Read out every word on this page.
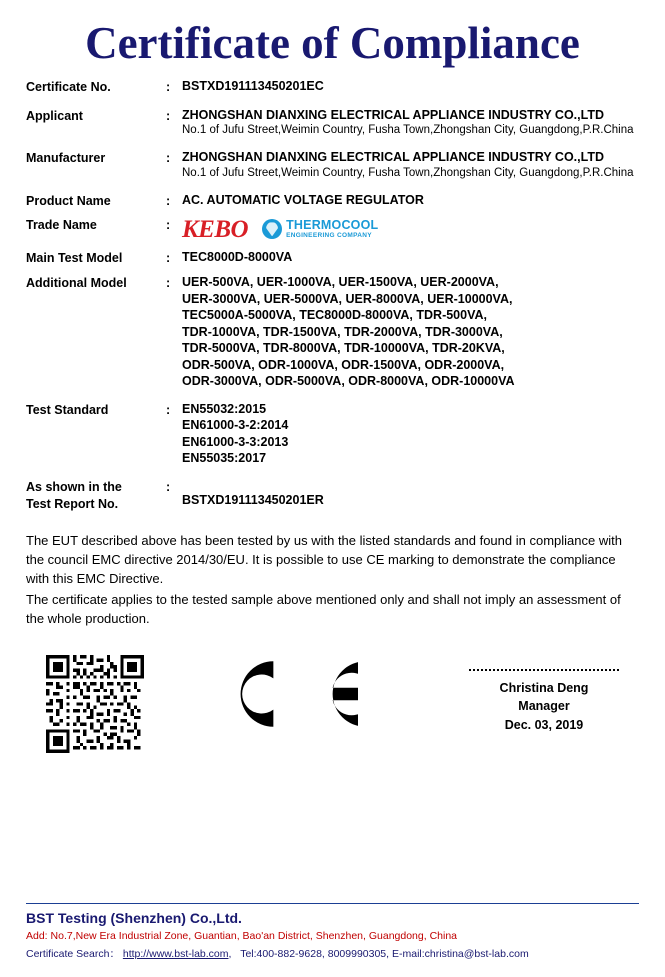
Certificate of Compliance
Certificate No.	: BSTXD191113450201EC
Applicant	: ZHONGSHAN DIANXING ELECTRICAL APPLIANCE INDUSTRY CO.,LTD
No.1 of Jufu Street,Weimin Country, Fusha Town,Zhongshan City, Guangdong,P.R.China
Manufacturer	: ZHONGSHAN DIANXING ELECTRICAL APPLIANCE INDUSTRY CO.,LTD
No.1 of Jufu Street,Weimin Country, Fusha Town,Zhongshan City, Guangdong,P.R.China
Product Name	: AC. AUTOMATIC VOLTAGE REGULATOR
Trade Name	: KEBO	THERMOCOOL
ENGINEERING COMPANY
Main Test Model	: TEC8000D-8000VA
Additional Model	: UER-500VA, UER-1000VA, UER-1500VA, UER-2000VA,
UER-3000VA, UER-5000VA, UER-8000VA, UER-10000VA,
TEC5000A-5000VA, TEC8000D-8000VA, TDR-500VA,
TDR-1000VA, TDR-1500VA, TDR-2000VA, TDR-3000VA,
TDR-5000VA, TDR-8000VA, TDR-10000VA, TDR-20KVA,
ODR-500VA, ODR-1000VA, ODR-1500VA, ODR-2000VA,
ODR-3000VA, ODR-5000VA, ODR-8000VA, ODR-10000VA
Test Standard	: EN55032:2015
EN61000-3-2:2014
EN61000-3-3:2013
EN55035:2017
As shown in the
Test Report No.
:
BSTXD191113450201ER

The EUT described above has been tested by us with the listed standards and found in compliance with the council EMC directive 2014/30/EU. It is possible to use CE marking to demonstrate the compliance with this EMC Directive.

The certificate applies to the tested sample above mentioned only and shall not imply an assessment of the whole production.

Christina Deng
Manager
Dec. 03, 2019
BST Testing (Shenzhen) Co.,Ltd.
Add: No.7,New Era Industrial Zone, Guantian, Bao'an District, Shenzhen, Guangdong, China
Certificate Search： http://www.bst-lab.com, Tel:400-882-9628, 8009990305, E-mail:christina@bst-lab.com
